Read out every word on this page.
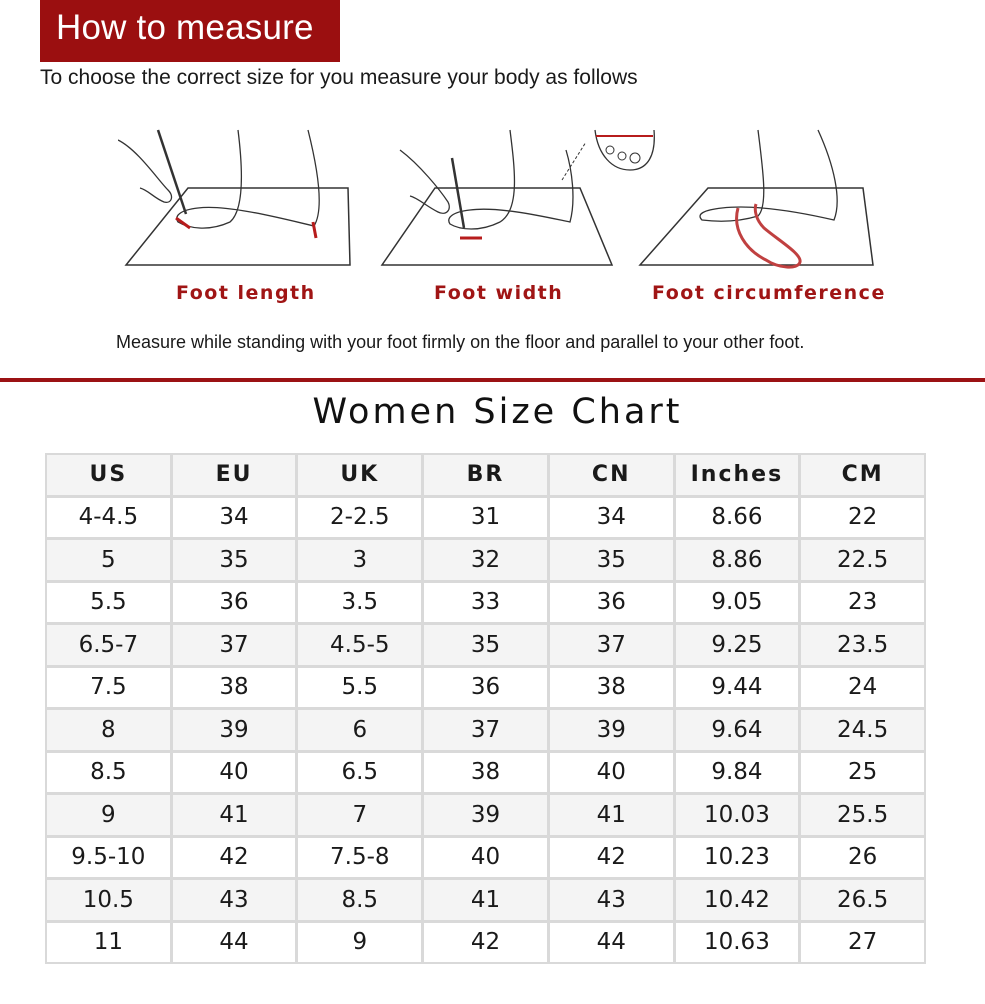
How to measure
To choose the correct size for you measure your body as follows
Foot length	Foot width	Foot circumference
Measure while standing with your foot firmly on the floor and parallel to your other foot.
Women Size Chart
US	EU	UK	BR	CN	Inches	CM
4-4.5	34	2-2.5	31	34	8.66	22
5	35	3	32	35	8.86	22.5
5.5	36	3.5	33	36	9.05	23
6.5-7	37	4.5-5	35	37	9.25	23.5
7.5	38	5.5	36	38	9.44	24
8	39	6	37	39	9.64	24.5
8.5	40	6.5	38	40	9.84	25
9	41	7	39	41	10.03	25.5
9.5-10	42	7.5-8	40	42	10.23	26
10.5	43	8.5	41	43	10.42	26.5
11	44	9	42	44	10.63	27
